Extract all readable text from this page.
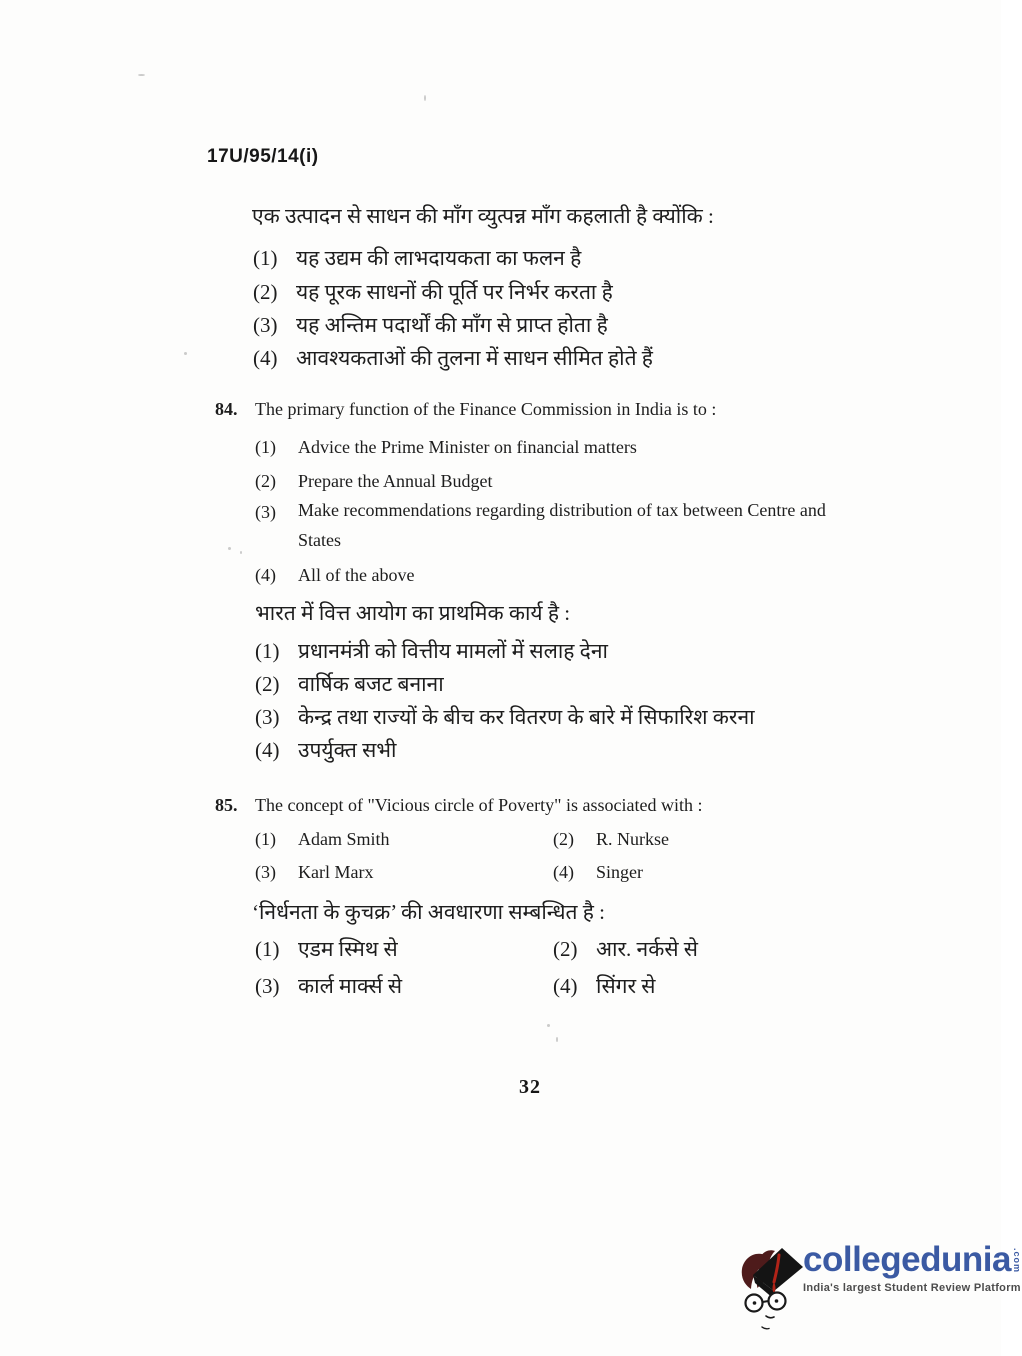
17U/95/14(i)
एक उत्पादन से साधन की माँग व्युत्पन्न माँग कहलाती है क्योंकि :
(1) यह उद्यम की लाभदायकता का फलन है
(2) यह पूरक साधनों की पूर्ति पर निर्भर करता है
(3) यह अन्तिम पदार्थों की माँग से प्राप्त होता है
(4) आवश्यकताओं की तुलना में साधन सीमित होते हैं
84. The primary function of the Finance Commission in India is to :
(1)	Advice the Prime Minister on financial matters
(2)	Prepare the Annual Budget
(3)	Make recommendations regarding distribution of tax between Centre and States
(4)	All of the above
भारत में वित्त आयोग का प्राथमिक कार्य है :
(1) प्रधानमंत्री को वित्तीय मामलों में सलाह देना
(2) वार्षिक बजट बनाना
(3) केन्द्र तथा राज्यों के बीच कर वितरण के बारे में सिफारिश करना
(4) उपर्युक्त सभी
85. The concept of "Vicious circle of Poverty" is associated with :
(1)	Adam Smith	(2)	R. Nurkse
(3)	Karl Marx	(4)	Singer
‘निर्धनता के कुचक्र’ की अवधारणा सम्बन्धित है :
(1) एडम स्मिथ से	(2) आर. नर्कसे से
(3) कार्ल मार्क्स से	(4) सिंगर से
32
collegedunia .com
India's largest Student Review Platform
